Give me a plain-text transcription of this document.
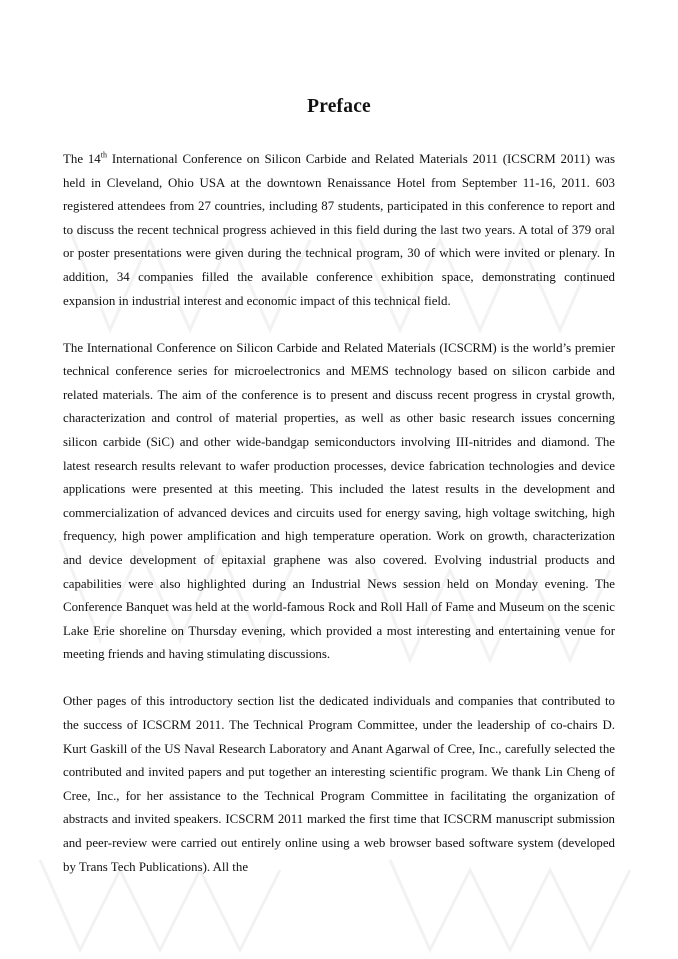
Preface

The 14th International Conference on Silicon Carbide and Related Materials 2011 (ICSCRM 2011) was held in Cleveland, Ohio USA at the downtown Renaissance Hotel from September 11-16, 2011. 603 registered attendees from 27 countries, including 87 students, participated in this conference to report and to discuss the recent technical progress achieved in this field during the last two years. A total of 379 oral or poster presentations were given during the technical program, 30 of which were invited or plenary. In addition, 34 companies filled the available conference exhibition space, demonstrating continued expansion in industrial interest and economic impact of this technical field.

The International Conference on Silicon Carbide and Related Materials (ICSCRM) is the world’s premier technical conference series for microelectronics and MEMS technology based on silicon carbide and related materials. The aim of the conference is to present and discuss recent progress in crystal growth, characterization and control of material properties, as well as other basic research issues concerning silicon carbide (SiC) and other wide-bandgap semiconductors involving III-nitrides and diamond. The latest research results relevant to wafer production processes, device fabrication technologies and device applications were presented at this meeting. This included the latest results in the development and commercialization of advanced devices and circuits used for energy saving, high voltage switching, high frequency, high power amplification and high temperature operation. Work on growth, characterization and device development of epitaxial graphene was also covered. Evolving industrial products and capabilities were also highlighted during an Industrial News session held on Monday evening. The Conference Banquet was held at the world-famous Rock and Roll Hall of Fame and Museum on the scenic Lake Erie shoreline on Thursday evening, which provided a most interesting and entertaining venue for meeting friends and having stimulating discussions.

Other pages of this introductory section list the dedicated individuals and companies that contributed to the success of ICSCRM 2011. The Technical Program Committee, under the leadership of co-chairs D. Kurt Gaskill of the US Naval Research Laboratory and Anant Agarwal of Cree, Inc., carefully selected the contributed and invited papers and put together an interesting scientific program. We thank Lin Cheng of Cree, Inc., for her assistance to the Technical Program Committee in facilitating the organization of abstracts and invited speakers. ICSCRM 2011 marked the first time that ICSCRM manuscript submission and peer-review were carried out entirely online using a web browser based software system (developed by Trans Tech Publications). All the
